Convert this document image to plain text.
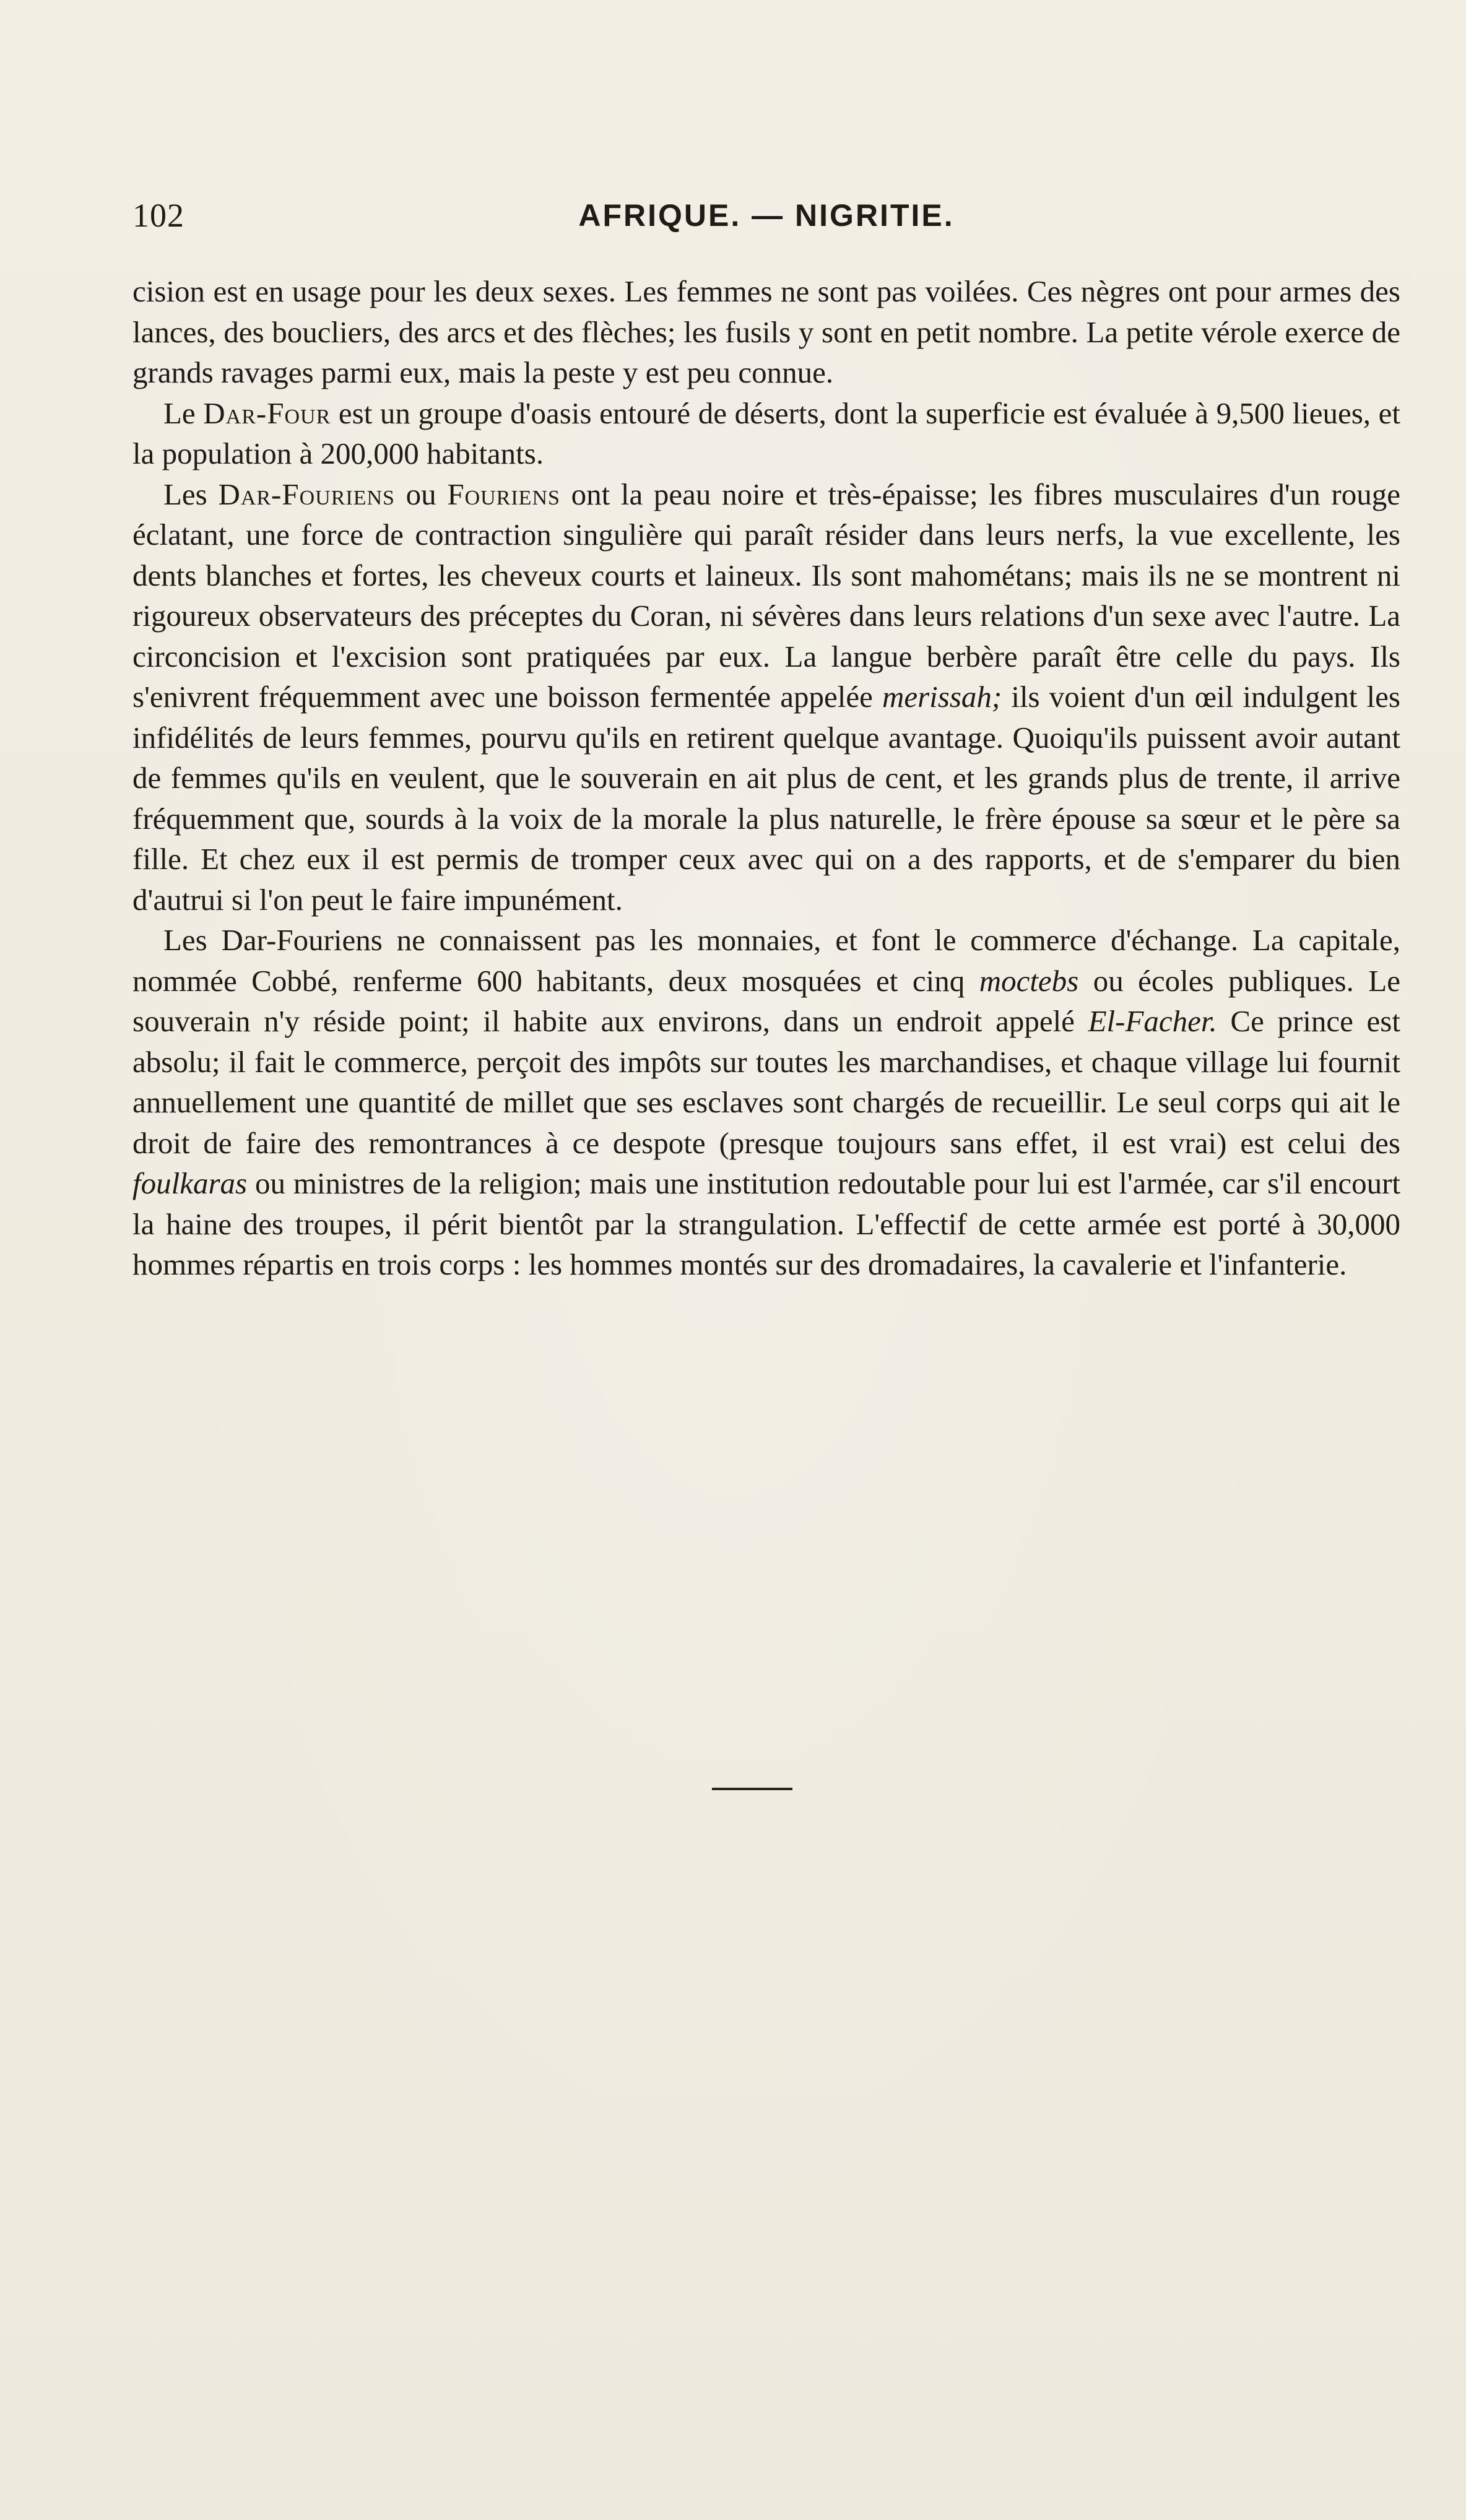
102	AFRIQUE. — NIGRITIE.

cision est en usage pour les deux sexes. Les femmes ne sont pas voilées. Ces nègres ont pour armes des lances, des boucliers, des arcs et des flèches; les fusils y sont en petit nombre. La petite vérole exerce de grands ravages parmi eux, mais la peste y est peu connue.

Le Dar-Four est un groupe d'oasis entouré de déserts, dont la superficie est évaluée à 9,500 lieues, et la population à 200,000 habitants.

Les Dar-Fouriens ou Fouriens ont la peau noire et très-épaisse; les fibres musculaires d'un rouge éclatant, une force de contraction singulière qui paraît résider dans leurs nerfs, la vue excellente, les dents blanches et fortes, les cheveux courts et laineux. Ils sont mahométans; mais ils ne se montrent ni rigoureux observateurs des préceptes du Coran, ni sévères dans leurs relations d'un sexe avec l'autre. La circoncision et l'excision sont pratiquées par eux. La langue berbère paraît être celle du pays. Ils s'enivrent fréquemment avec une boisson fermentée appelée merissah; ils voient d'un œil indulgent les infidélités de leurs femmes, pourvu qu'ils en retirent quelque avantage. Quoiqu'ils puissent avoir autant de femmes qu'ils en veulent, que le souverain en ait plus de cent, et les grands plus de trente, il arrive fréquemment que, sourds à la voix de la morale la plus naturelle, le frère épouse sa sœur et le père sa fille. Et chez eux il est permis de tromper ceux avec qui on a des rapports, et de s'emparer du bien d'autrui si l'on peut le faire impunément.

Les Dar-Fouriens ne connaissent pas les monnaies, et font le commerce d'échange. La capitale, nommée Cobbé, renferme 600 habitants, deux mosquées et cinq moctebs ou écoles publiques. Le souverain n'y réside point; il habite aux environs, dans un endroit appelé El-Facher. Ce prince est absolu; il fait le commerce, perçoit des impôts sur toutes les marchandises, et chaque village lui fournit annuellement une quantité de millet que ses esclaves sont chargés de recueillir. Le seul corps qui ait le droit de faire des remontrances à ce despote (presque toujours sans effet, il est vrai) est celui des foulkaras ou ministres de la religion; mais une institution redoutable pour lui est l'armée, car s'il encourt la haine des troupes, il périt bientôt par la strangulation. L'effectif de cette armée est porté à 30,000 hommes répartis en trois corps : les hommes montés sur des dromadaires, la cavalerie et l'infanterie.
